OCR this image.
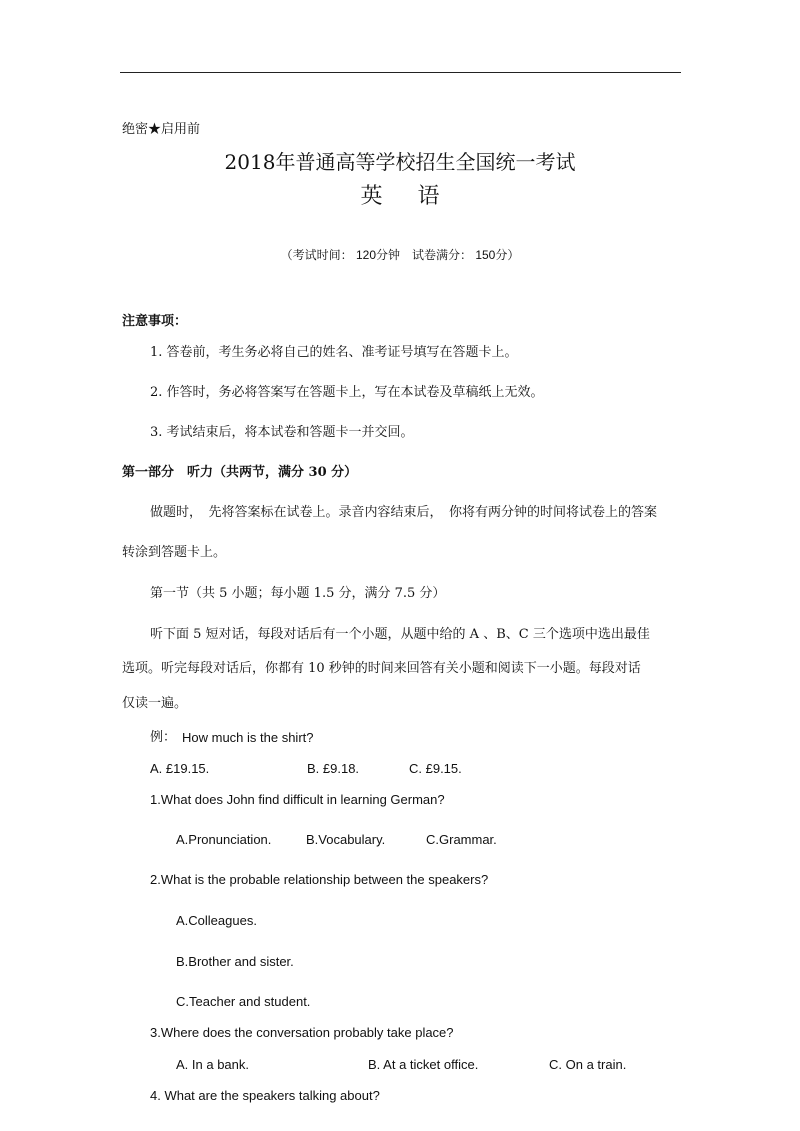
绝密★启用前
2018年普通高等学校招生全国统一考试
英 语
（考试时间： 120分钟　试卷满分： 150分）
注意事项：
1. 答卷前，考生务必将自己的姓名、准考证号填写在答题卡上。
2. 作答时，务必将答案写在答题卡上，写在本试卷及草稿纸上无效。
3. 考试结束后，将本试卷和答题卡一并交回。
第一部分　听力（共两节，满分 30 分）
做题时，　先将答案标在试卷上。录音内容结束后，　你将有两分钟的时间将试卷上的答案
转涂到答题卡上。
第一节（共 5 小题；每小题 1.5 分，满分 7.5 分）
听下面 5 短对话，每段对话后有一个小题，从题中给的 A 、B、C 三个选项中选出最佳
选项。听完每段对话后，你都有 10 秒钟的时间来回答有关小题和阅读下一小题。每段对话
仅读一遍。
例： How much is the shirt?
A. £19.15.	B. £9.18.	C. £9.15.
1.What does John find difficult in learning German?
A.Pronunciation.	B.Vocabulary.	C.Grammar.
2.What is the probable relationship between the speakers?
A.Colleagues.
B.Brother and sister.
C.Teacher and student.
3.Where does the conversation probably take place?
A. In a bank.	B. At a ticket office.	C. On a train.
4. What are the speakers talking about?
